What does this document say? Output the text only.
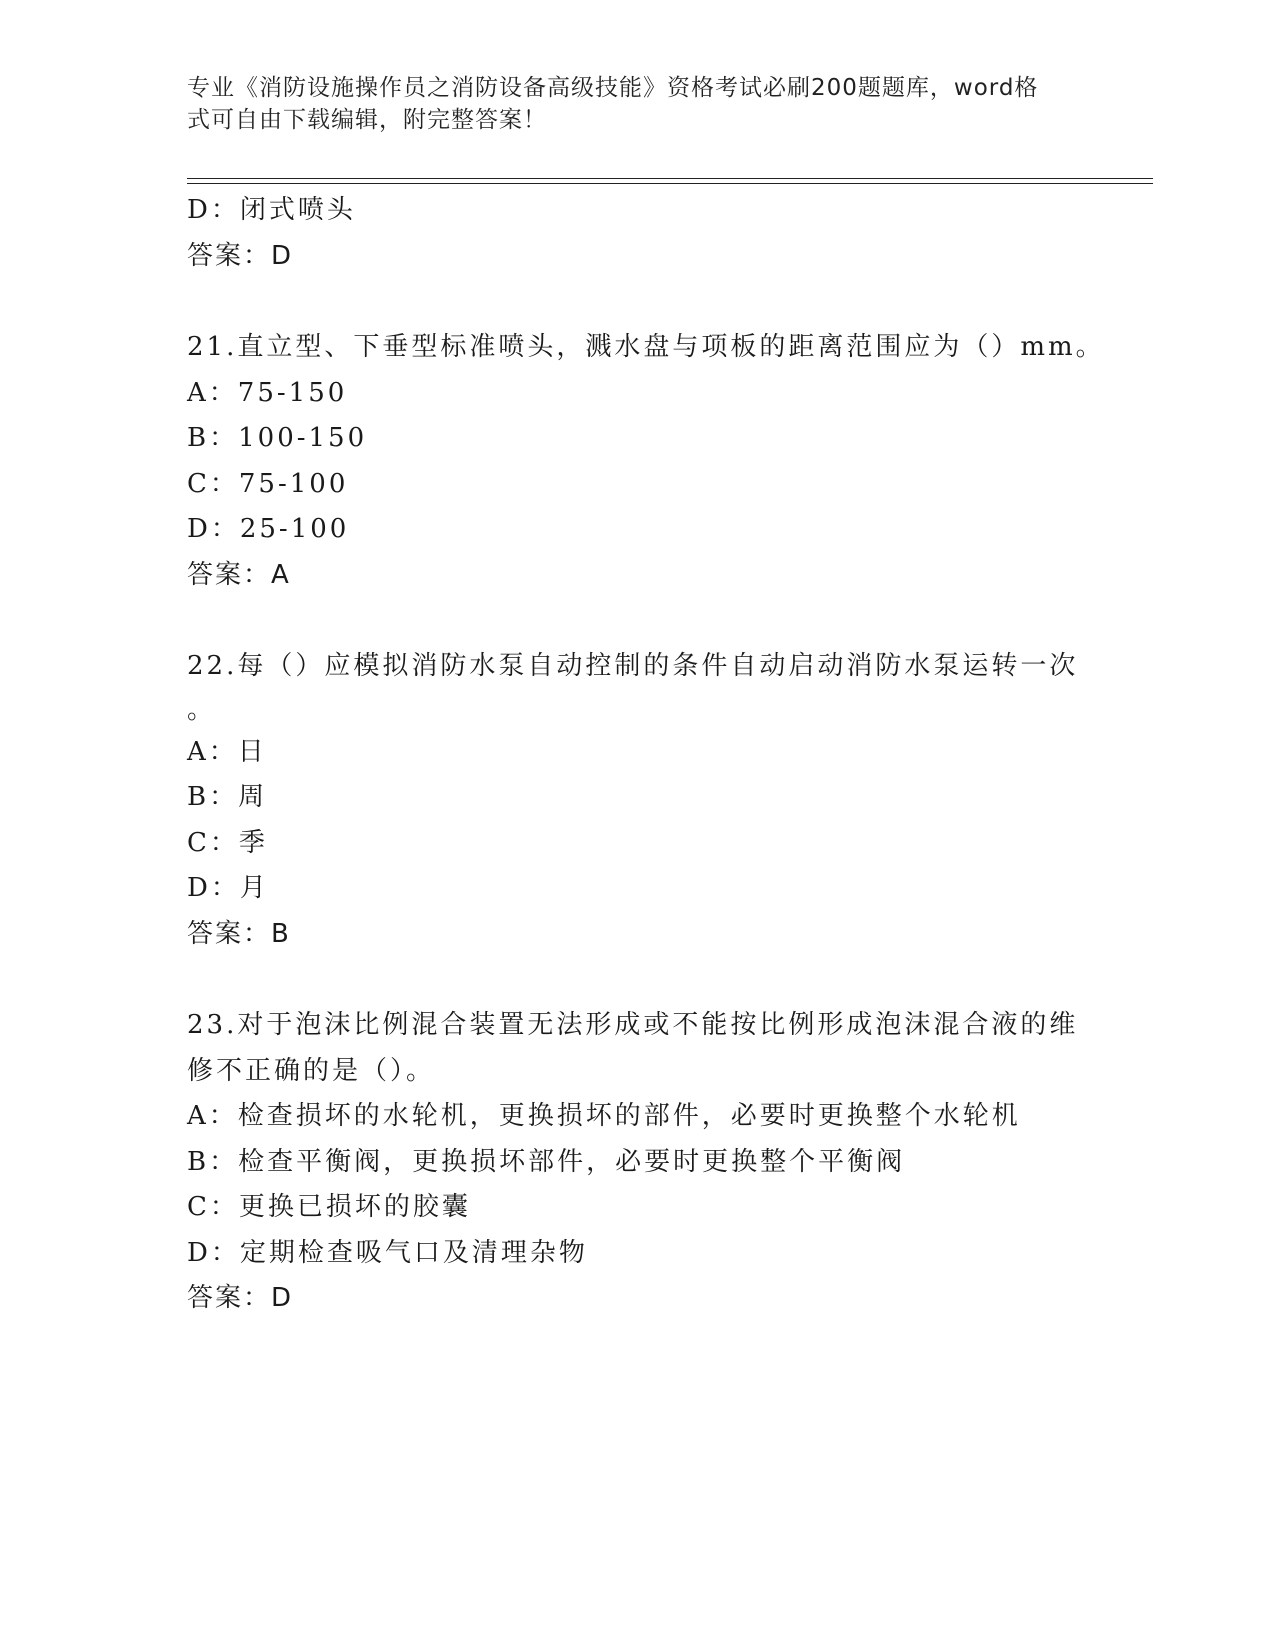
专业《消防设施操作员之消防设备高级技能》资格考试必刷200题题库，word格
式可自由下载编辑，附完整答案！
D：闭式喷头
答案：D
21.直立型、下垂型标准喷头，溅水盘与项板的距离范围应为（）mm。
A：75-150
B：100-150
C：75-100
D：25-100
答案：A
22.每（）应模拟消防水泵自动控制的条件自动启动消防水泵运转一次
。
A：日
B：周
C：季
D：月
答案：B
23.对于泡沫比例混合装置无法形成或不能按比例形成泡沫混合液的维
修不正确的是（）。
A：检查损坏的水轮机，更换损坏的部件，必要时更换整个水轮机
B：检查平衡阀，更换损坏部件，必要时更换整个平衡阀
C：更换已损坏的胶囊
D：定期检查吸气口及清理杂物
答案：D
